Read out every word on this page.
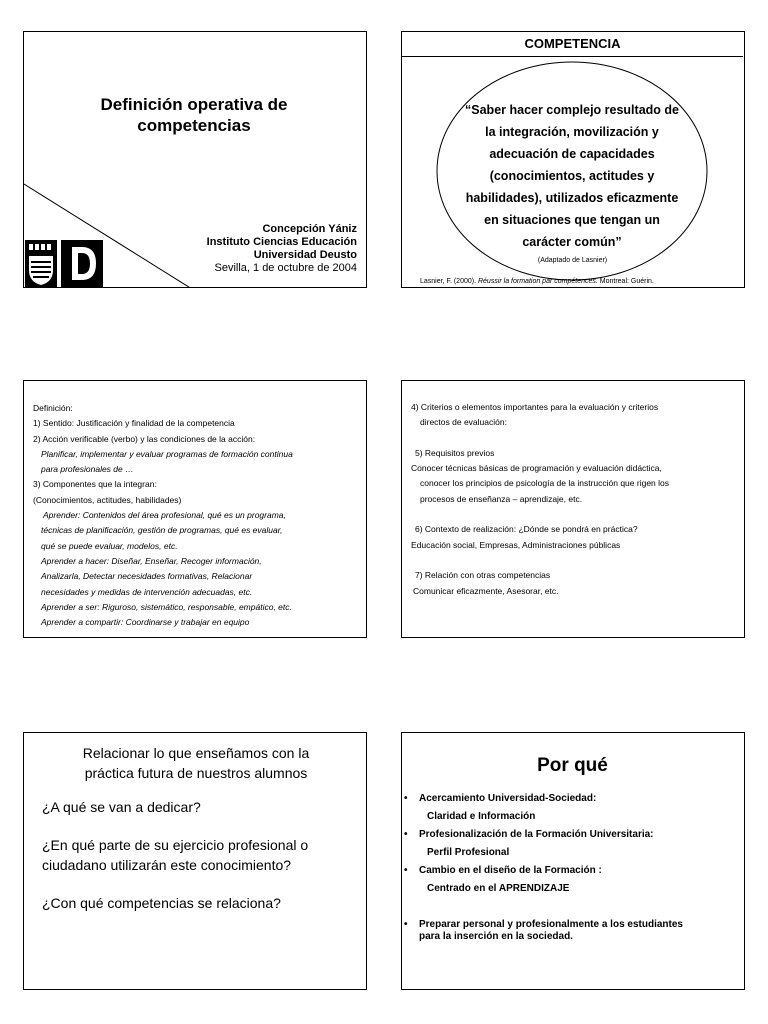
Definición operativa de
competencias
Concepción Yániz
Instituto Ciencias Educación
Universidad Deusto
Sevilla, 1 de octubre de 2004
COMPETENCIA
“Saber hacer complejo resultado de
la integración, movilización y
adecuación de capacidades
(conocimientos, actitudes y
habilidades), utilizados eficazmente
en situaciones que tengan un
carácter común”
(Adaptado de Lasnier)
Lasnier, F. (2000). Réussir la formation par compétences. Montreal: Guérin.
Definición:
1) Sentido: Justificación y finalidad de la competencia
2) Acción verificable (verbo) y las condiciones de la acción:
Planificar, implementar y evaluar programas de formación continua
para profesionales de …
3) Componentes que la integran:
(Conocimientos, actitudes, habilidades)
Aprender: Contenidos del área profesional, qué es un programa,
técnicas de planificación, gestión de programas, qué es evaluar,
qué se puede evaluar, modelos, etc.
Aprender a hacer: Diseñar, Enseñar, Recoger información,
Analizarla, Detectar necesidades formativas, Relacionar
necesidades y medidas de intervención adecuadas, etc.
Aprender a ser: Riguroso, sistemático, responsable, empático, etc.
Aprender a compartir: Coordinarse y trabajar en equipo
4) Criterios o elementos importantes para la evaluación y criterios
directos de evaluación:
5) Requisitos previos
Conocer técnicas básicas de programación y evaluación didáctica,
conocer los principios de psicología de la instrucción que rigen los
procesos de enseñanza – aprendizaje, etc.
6) Contexto de realización: ¿Dónde se pondrá en práctica?
Educación social, Empresas, Administraciones públicas
7) Relación con otras competencias
Comunicar eficazmente, Asesorar, etc.
Relacionar lo que enseñamos con la
práctica futura de nuestros alumnos

¿A qué se van a dedicar?

¿En qué parte de su ejercicio profesional o
ciudadano utilizarán este conocimiento?

¿Con qué competencias se relaciona?

Por qué
• Acercamiento Universidad-Sociedad:
Claridad e Información
• Profesionalización de la Formación Universitaria:
Perfil Profesional
• Cambio en el diseño de la Formación :
Centrado en el APRENDIZAJE
• Preparar personal y profesionalmente a los estudiantes
para la inserción en la sociedad.
